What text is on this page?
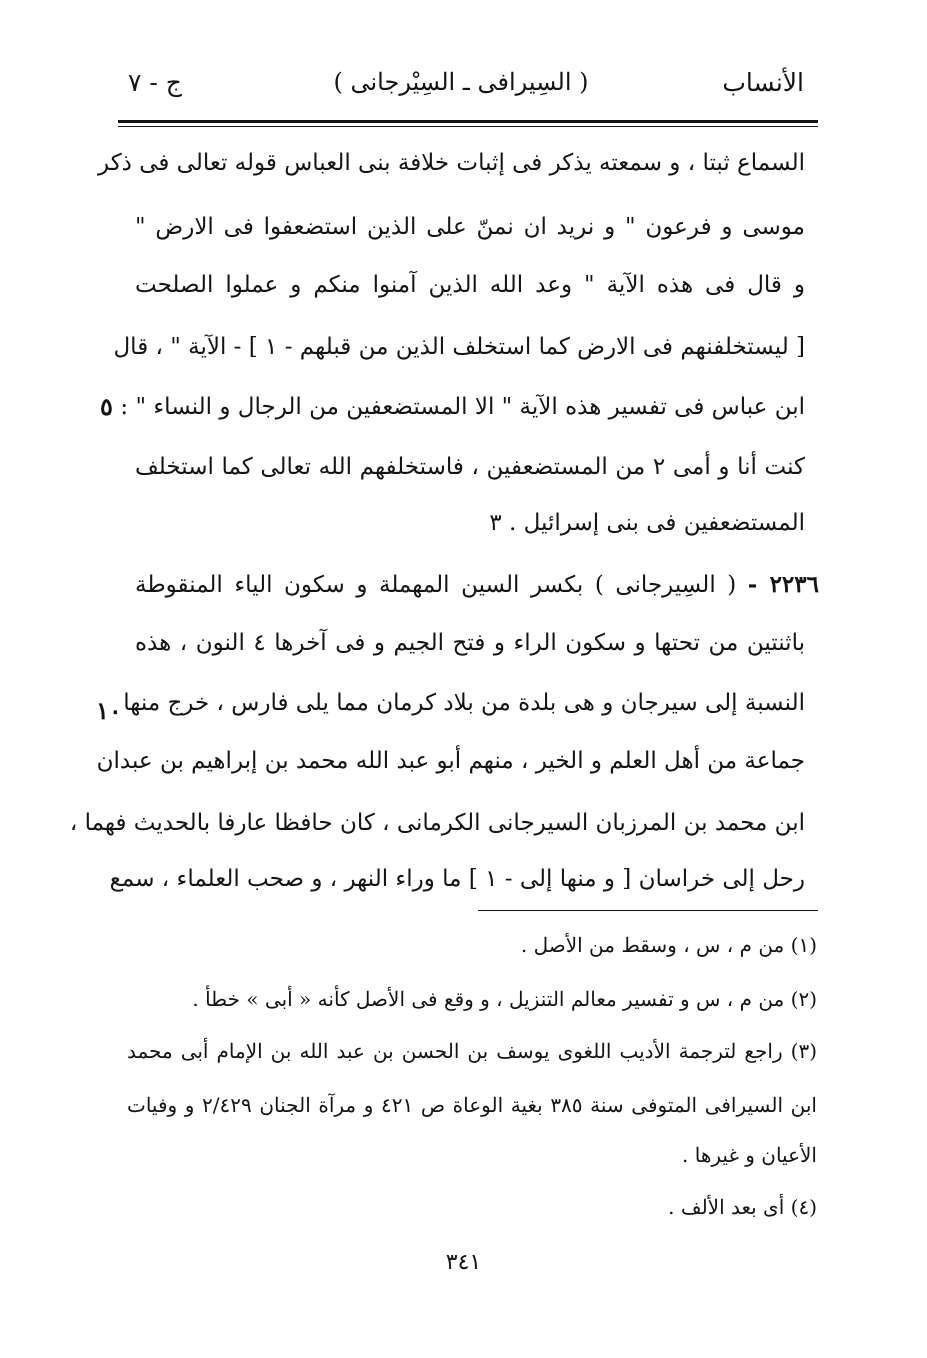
الأنساب
( السِيرافى ـ السِيْرجانى )
ج - ٧
السماع ثبتا ، و سمعته يذكر فى إثبات خلافة بنى العباس قوله تعالى فى ذكر
موسى و فرعون " و نريد ان نمنّ على الذين استضعفوا فى الارض "
و قال فى هذه الآية " وعد الله الذين آمنوا منكم و عملوا الصلحت
[ ليستخلفنهم فى الارض كما استخلف الذين من قبلهم - ١ ] - الآية " ، قال
ابن عباس فى تفسير هذه الآية " الا المستضعفين من الرجال و النساء " :
كنت أنا و أمى ٢ من المستضعفين ، فاستخلفهم الله تعالى كما استخلف
المستضعفين فى بنى إسرائيل . ٣
٥
٢٢٣٦ - ( السِيرجانى ) بكسر السين المهملة و سكون الياء المنقوطة
باثنتين من تحتها و سكون الراء و فتح الجيم و فى آخرها ٤ النون ، هذه
النسبة إلى سيرجان و هى بلدة من بلاد كرمان مما يلى فارس ، خرج منها
جماعة من أهل العلم و الخير ، منهم أبو عبد الله محمد بن إبراهيم بن عبدان
ابن محمد بن المرزبان السيرجانى الكرمانى ، كان حافظا عارفا بالحديث فهما ،
رحل إلى خراسان [ و منها إلى - ١ ] ما وراء النهر ، و صحب العلماء ، سمع
١٠
(١) من م ، س ، وسقط من الأصل .
(٢) من م ، س و تفسير معالم التنزيل ، و وقع فى الأصل كأنه « أبى » خطأ .
(٣) راجع لترجمة الأديب اللغوى يوسف بن الحسن بن عبد الله بن الإمام أبى محمد
ابن السيرافى المتوفى سنة ٣٨٥ بغية الوعاة ص ٤٢١ و مرآة الجنان ٢/٤٢٩ و وفيات
الأعيان و غيرها .
(٤) أى بعد الألف .
٣٤١
